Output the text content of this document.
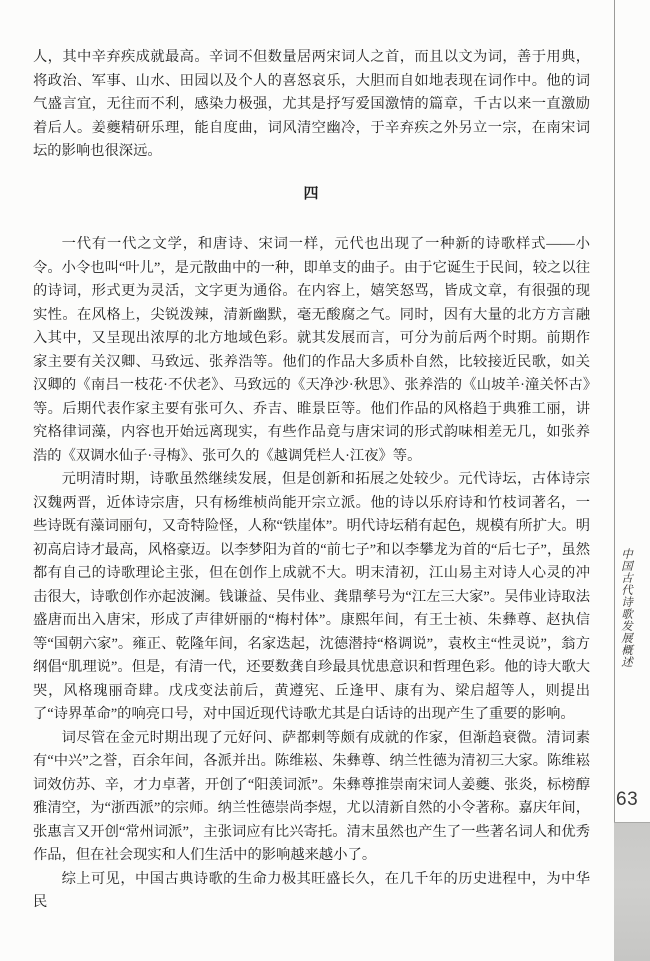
人，其中辛弃疾成就最高。辛词不但数量居两宋词人之首，而且以文为词，善于用典，将政治、军事、山水、田园以及个人的喜怒哀乐，大胆而自如地表现在词作中。他的词气盛言宜，无往而不利，感染力极强，尤其是抒写爱国激情的篇章，千古以来一直激励着后人。姜夔精研乐理，能自度曲，词风清空幽冷，于辛弃疾之外另立一宗，在南宋词坛的影响也很深远。

四

一代有一代之文学，和唐诗、宋词一样，元代也出现了一种新的诗歌样式——小令。小令也叫“叶儿”，是元散曲中的一种，即单支的曲子。由于它诞生于民间，较之以往的诗词，形式更为灵活，文字更为通俗。在内容上，嬉笑怒骂，皆成文章，有很强的现实性。在风格上，尖锐泼辣，清新幽默，毫无酸腐之气。同时，因有大量的北方方言融入其中，又呈现出浓厚的北方地域色彩。就其发展而言，可分为前后两个时期。前期作家主要有关汉卿、马致远、张养浩等。他们的作品大多质朴自然，比较接近民歌，如关汉卿的《南吕一枝花·不伏老》、马致远的《天净沙·秋思》、张养浩的《山坡羊·潼关怀古》等。后期代表作家主要有张可久、乔吉、睢景臣等。他们作品的风格趋于典雅工丽，讲究格律词藻，内容也开始远离现实，有些作品竟与唐宋词的形式韵味相差无几，如张养浩的《双调水仙子·寻梅》、张可久的《越调凭栏人·江夜》等。

元明清时期，诗歌虽然继续发展，但是创新和拓展之处较少。元代诗坛，古体诗宗汉魏两晋，近体诗宗唐，只有杨维桢尚能开宗立派。他的诗以乐府诗和竹枝词著名，一些诗既有藻词丽句，又奇特险怪，人称“铁崖体”。明代诗坛稍有起色，规模有所扩大。明初高启诗才最高，风格豪迈。以李梦阳为首的“前七子”和以李攀龙为首的“后七子”，虽然都有自己的诗歌理论主张，但在创作上成就不大。明末清初，江山易主对诗人心灵的冲击很大，诗歌创作亦起波澜。钱谦益、吴伟业、龚鼎孳号为“江左三大家”。吴伟业诗取法盛唐而出入唐宋，形成了声律妍丽的“梅村体”。康熙年间，有王士祯、朱彝尊、赵执信等“国朝六家”。雍正、乾隆年间，名家迭起，沈德潜持“格调说”，袁枚主“性灵说”，翁方纲倡“肌理说”。但是，有清一代，还要数龚自珍最具忧患意识和哲理色彩。他的诗大歌大哭，风格瑰丽奇肆。戊戌变法前后，黄遵宪、丘逢甲、康有为、梁启超等人，则提出了“诗界革命”的响亮口号，对中国近现代诗歌尤其是白话诗的出现产生了重要的影响。

词尽管在金元时期出现了元好问、萨都剌等颇有成就的作家，但渐趋衰微。清词素有“中兴”之誉，百余年间，各派并出。陈维崧、朱彝尊、纳兰性德为清初三大家。陈维崧词效仿苏、辛，才力卓著，开创了“阳羡词派”。朱彝尊推崇南宋词人姜夔、张炎，标榜醇雅清空，为“浙西派”的宗师。纳兰性德崇尚李煜，尤以清新自然的小令著称。嘉庆年间，张惠言又开创“常州词派”，主张词应有比兴寄托。清末虽然也产生了一些著名词人和优秀作品，但在社会现实和人们生活中的影响越来越小了。

综上可见，中国古典诗歌的生命力极其旺盛长久，在几千年的历史进程中，为中华民

中国古代诗歌发展概述
63
